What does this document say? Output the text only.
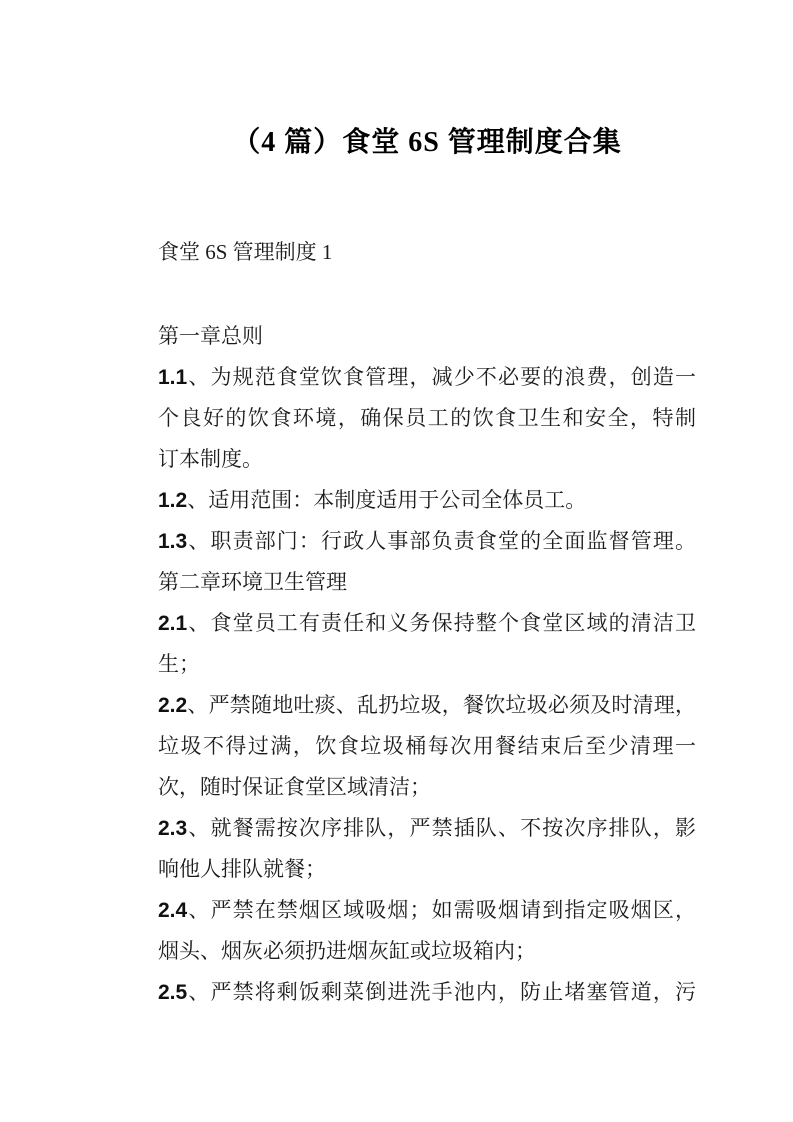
（4 篇）食堂 6S 管理制度合集
食堂 6S 管理制度 1
第一章总则
1.1、为规范食堂饮食管理，减少不必要的浪费，创造一
个良好的饮食环境，确保员工的饮食卫生和安全，特制
订本制度。
1.2、适用范围：本制度适用于公司全体员工。
1.3、职责部门：行政人事部负责食堂的全面监督管理。
第二章环境卫生管理
2.1、食堂员工有责任和义务保持整个食堂区域的清洁卫
生；
2.2、严禁随地吐痰、乱扔垃圾，餐饮垃圾必须及时清理，
垃圾不得过满，饮食垃圾桶每次用餐结束后至少清理一
次，随时保证食堂区域清洁；
2.3、就餐需按次序排队，严禁插队、不按次序排队，影
响他人排队就餐；
2.4、严禁在禁烟区域吸烟；如需吸烟请到指定吸烟区，
烟头、烟灰必须扔进烟灰缸或垃圾箱内；
2.5、严禁将剩饭剩菜倒进洗手池内，防止堵塞管道，污
